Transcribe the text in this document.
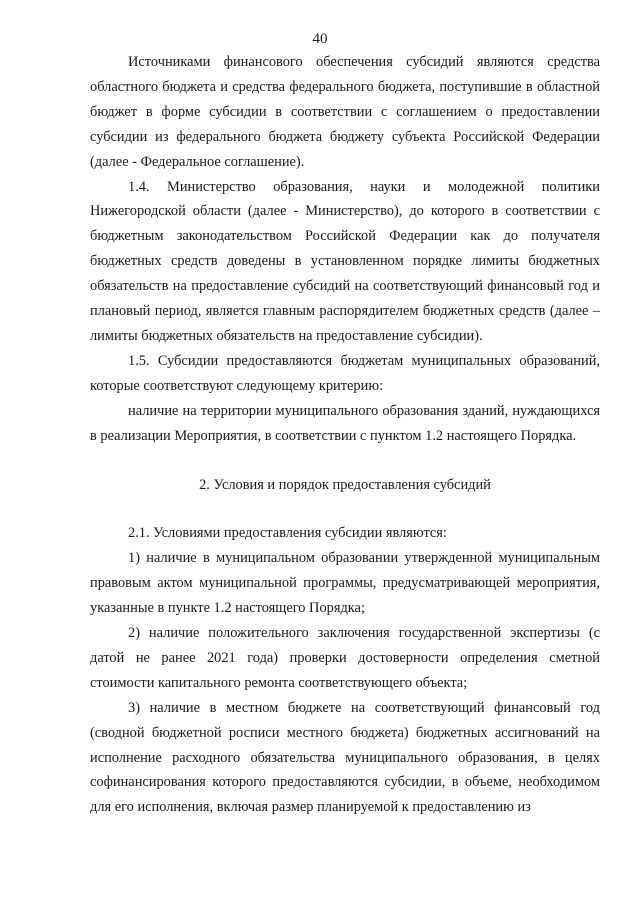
40

Источниками финансового обеспечения субсидий являются средства областного бюджета и средства федерального бюджета, поступившие в областной бюджет в форме субсидии в соответствии с соглашением о предоставлении субсидии из федерального бюджета бюджету субъекта Российской Федерации (далее - Федеральное соглашение).

1.4. Министерство образования, науки и молодежной политики Нижегородской области (далее - Министерство), до которого в соответствии с бюджетным законодательством Российской Федерации как до получателя бюджетных средств доведены в установленном порядке лимиты бюджетных обязательств на предоставление субсидий на соответствующий финансовый год и плановый период, является главным распорядителем бюджетных средств (далее – лимиты бюджетных обязательств на предоставление субсидии).

1.5. Субсидии предоставляются бюджетам муниципальных образований, которые соответствуют следующему критерию:

наличие на территории муниципального образования зданий, нуждающихся в реализации Мероприятия, в соответствии с пунктом 1.2 настоящего Порядка.

2. Условия и порядок предоставления субсидий

2.1. Условиями предоставления субсидии являются:

1) наличие в муниципальном образовании утвержденной муниципальным правовым актом муниципальной программы, предусматривающей мероприятия, указанные в пункте 1.2 настоящего Порядка;

2) наличие положительного заключения государственной экспертизы (с датой не ранее 2021 года) проверки достоверности определения сметной стоимости капитального ремонта соответствующего объекта;

3) наличие в местном бюджете на соответствующий финансовый год (сводной бюджетной росписи местного бюджета) бюджетных ассигнований на исполнение расходного обязательства муниципального образования, в целях софинансирования которого предоставляются субсидии, в объеме, необходимом для его исполнения, включая размер планируемой к предоставлению из
